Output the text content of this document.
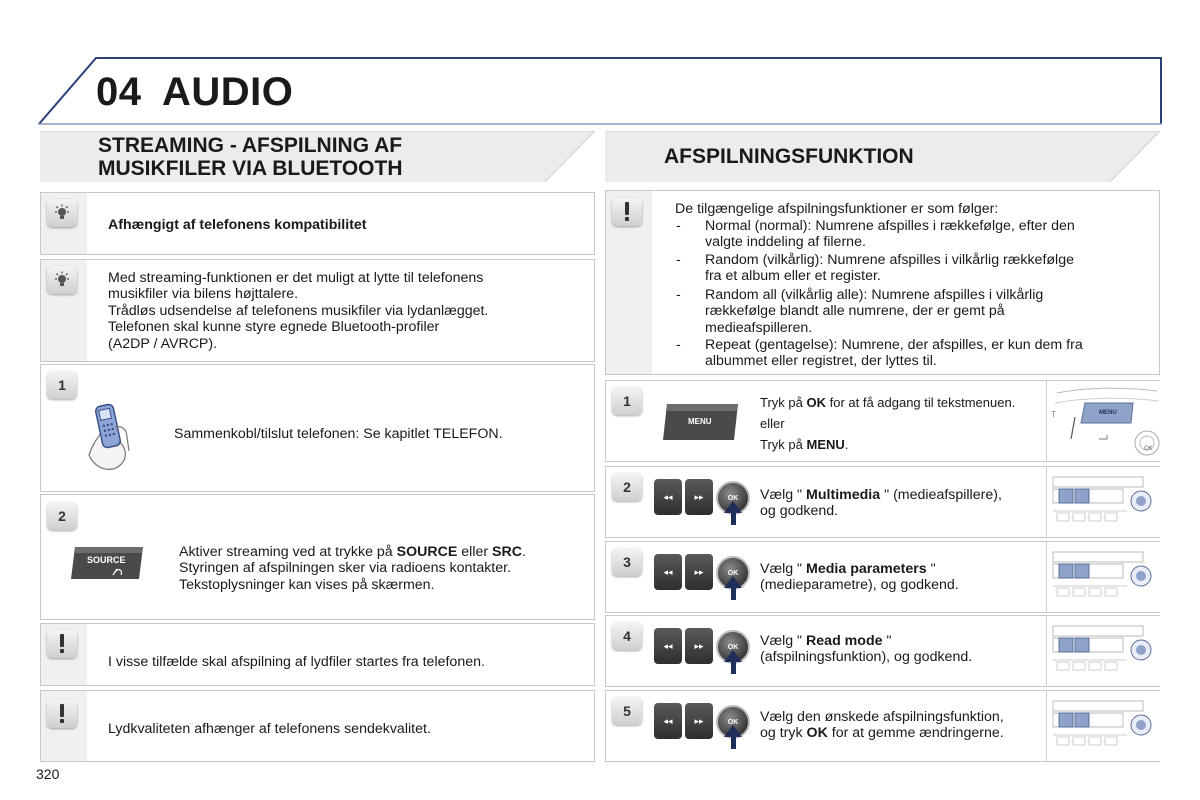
04 AUDIO
STREAMING - AFSPILNING AF
MUSIKFILER VIA BLUETOOTH
Afhængigt af telefonens kompatibilitet
Med streaming-funktionen er det muligt at lytte til telefonens
musikfiler via bilens højttalere.
Trådløs udsendelse af telefonens musikfiler via lydanlægget.
Telefonen skal kunne styre egnede Bluetooth-profiler
(A2DP / AVRCP).
1
Sammenkobl/tilslut telefonen: Se kapitlet TELEFON.
2
SOURCE	Aktiver streaming ved at trykke på SOURCE eller SRC.
Styringen af afspilningen sker via radioens kontakter.
Tekstoplysninger kan vises på skærmen.
I visse tilfælde skal afspilning af lydfiler startes fra telefonen.
Lydkvaliteten afhænger af telefonens sendekvalitet.
AFSPILNINGSFUNKTION
De tilgængelige afspilningsfunktioner er som følger:
- Normal (normal): Numrene afspilles i rækkefølge, efter den
valgte inddeling af filerne.
- Random (vilkårlig): Numrene afspilles i vilkårlig rækkefølge
fra et album eller et register.
- Random all (vilkårlig alle): Numrene afspilles i vilkårlig
rækkefølge blandt alle numrene, der er gemt på
medieafspilleren.
- Repeat (gentagelse): Numrene, der afspilles, er kun dem fra
albummet eller registret, der lyttes til.
1
MENU
Tryk på OK for at få adgang til tekstmenuen.
eller
Tryk på MENU.
T	MENU
OK
2
◂◂	▸▸	OK	Vælg " Multimedia " (medieafspillere),
og godkend.
3
◂◂	▸▸	OK	Vælg " Media parameters "
(medieparametre), og godkend.
4
◂◂	▸▸	OK	Vælg " Read mode "
(afspilningsfunktion), og godkend.
5
◂◂	▸▸	OK	Vælg den ønskede afspilningsfunktion,
og tryk OK for at gemme ændringerne.
320
